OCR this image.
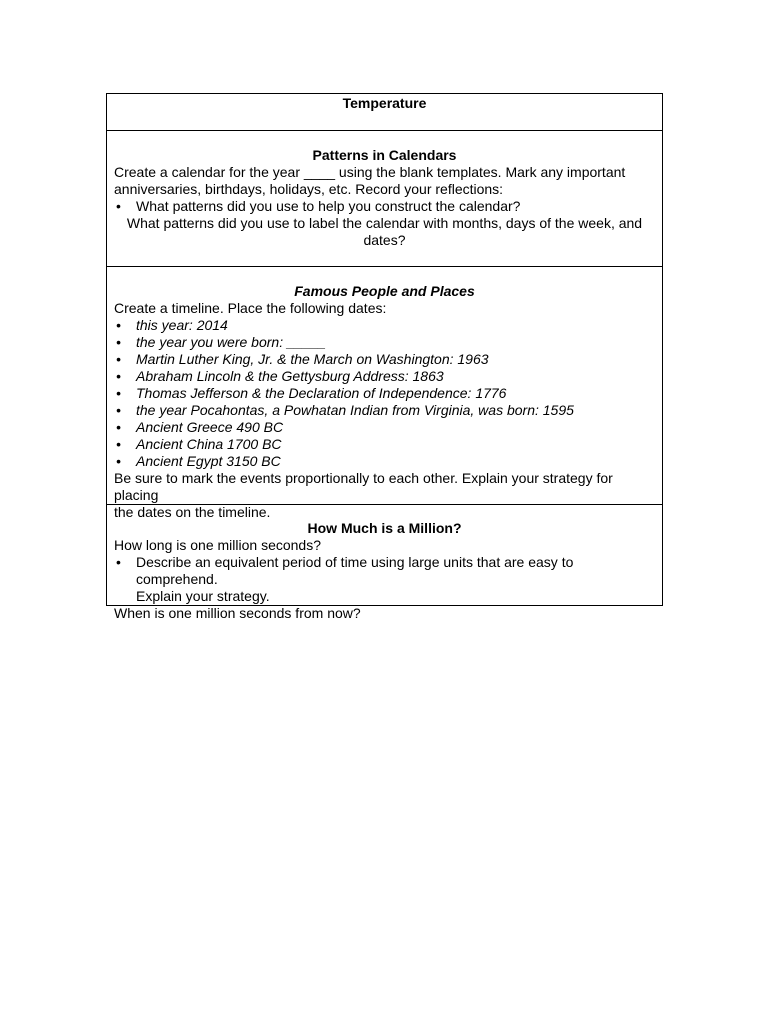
Temperature
Patterns in Calendars
Create a calendar for the year ____ using the blank templates. Mark any important
anniversaries, birthdays, holidays, etc. Record your reflections:
• What patterns did you use to help you construct the calendar?
What patterns did you use to label the calendar with months, days of the week, and
dates?
Famous People and Places
Create a timeline. Place the following dates:
• this year: 2014
• the year you were born: _____
• Martin Luther King, Jr. & the March on Washington: 1963
• Abraham Lincoln & the Gettysburg Address: 1863
• Thomas Jefferson & the Declaration of Independence: 1776
• the year Pocahontas, a Powhatan Indian from Virginia, was born: 1595
• Ancient Greece 490 BC
• Ancient China 1700 BC
• Ancient Egypt 3150 BC
Be sure to mark the events proportionally to each other. Explain your strategy for placing
the dates on the timeline.
How Much is a Million?
How long is one million seconds?
• Describe an equivalent period of time using large units that are easy to comprehend.
Explain your strategy.
When is one million seconds from now?
